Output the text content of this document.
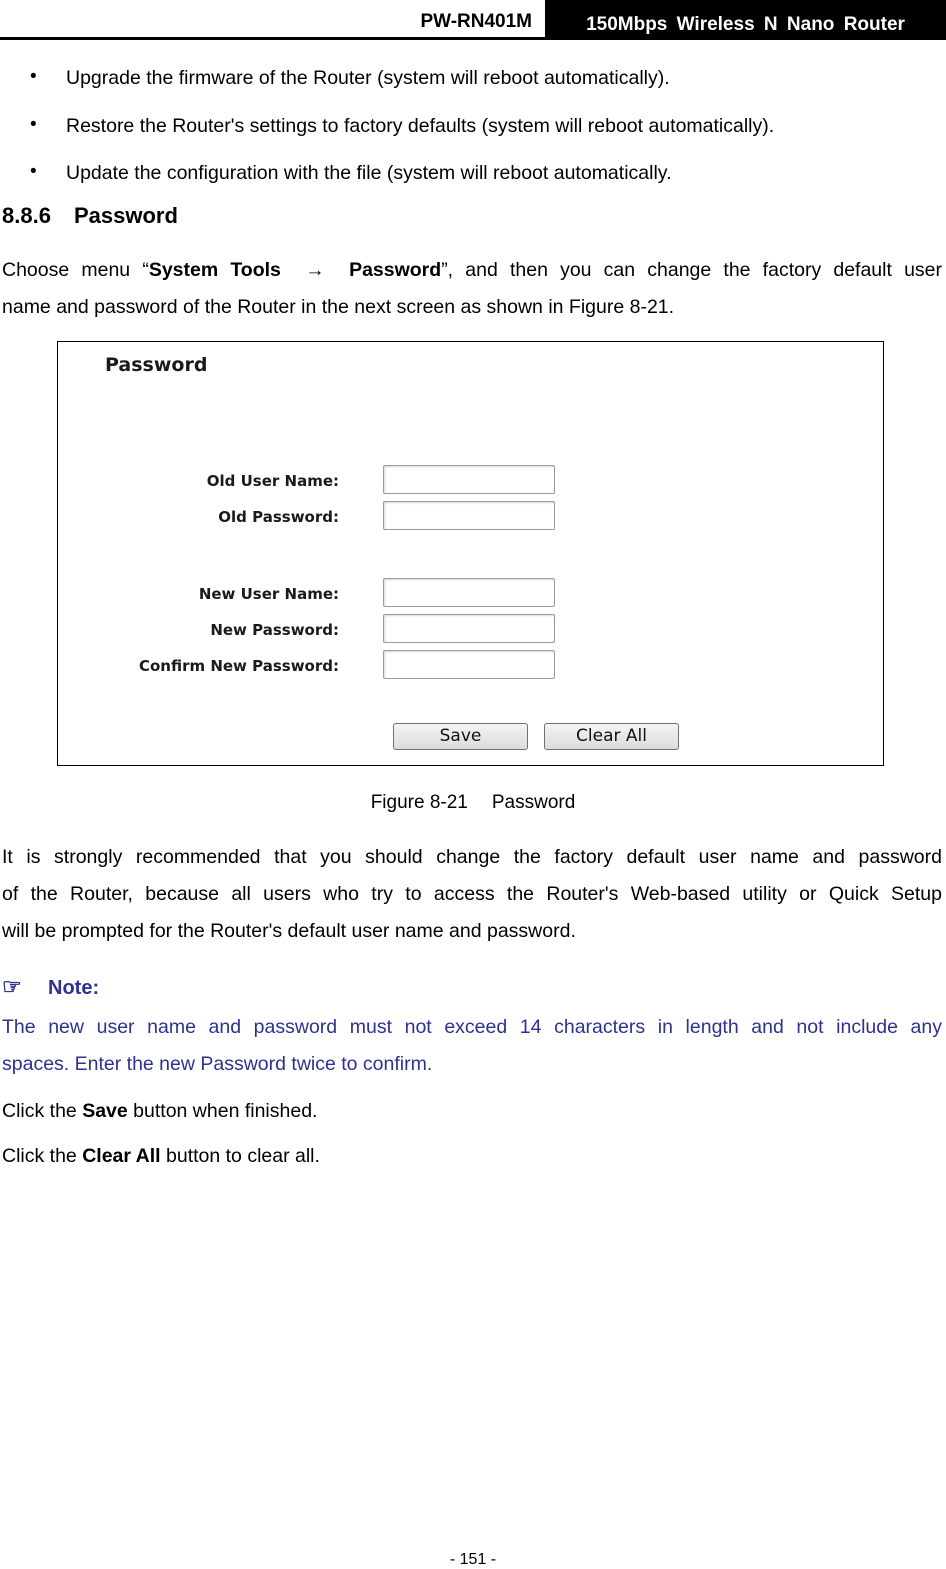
PW-RN401M	150Mbps Wireless N Nano Router
• Upgrade the firmware of the Router (system will reboot automatically).
• Restore the Router's settings to factory defaults (system will reboot automatically).
• Update the configuration with the file (system will reboot automatically.
8.8.6 Password
Choose menu “System Tools → Password”, and then you can change the factory default user
name and password of the Router in the next screen as shown in Figure 8-21.
Password
Old User Name:
Old Password:
New User Name:
New Password:
Confirm New Password:
Save	Clear All
Figure 8-21 Password
It is strongly recommended that you should change the factory default user name and password
of the Router, because all users who try to access the Router's Web-based utility or Quick Setup
will be prompted for the Router's default user name and password.
☞ Note:
The new user name and password must not exceed 14 characters in length and not include any
spaces. Enter the new Password twice to confirm.
Click the Save button when finished.
Click the Clear All button to clear all.
- 151 -
